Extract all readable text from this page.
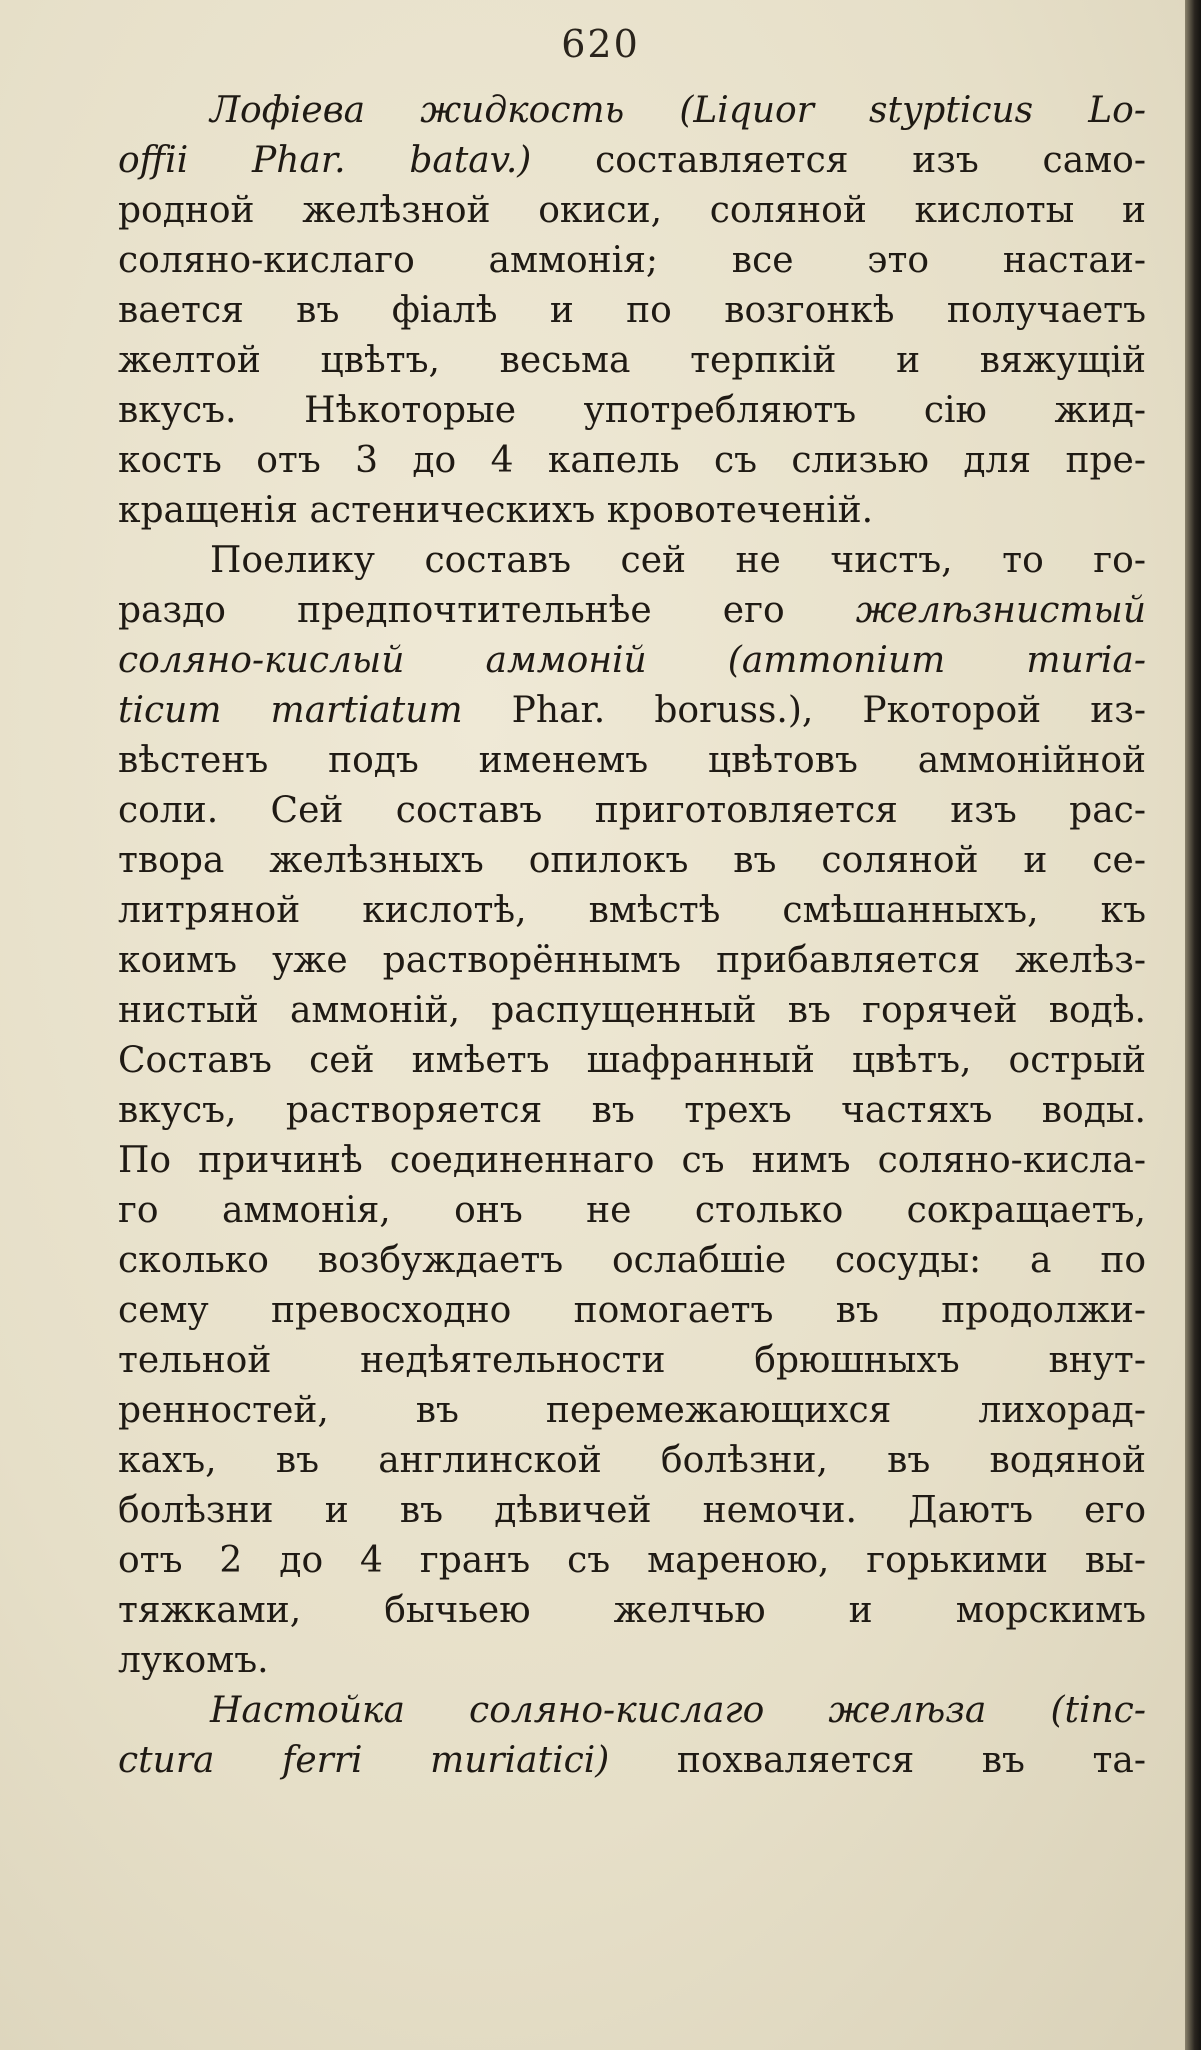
620
Лофіева жидкость (Liquor stypticus Lo-
offii Phar. batav.) составляется изъ само-
родной желѣзной окиси, соляной кислоты и
соляно-кислаго аммонія; все это настаи-
вается въ фіалѣ и по возгонкѣ получаетъ
желтой цвѣтъ, весьма терпкій и вяжущій
вкусъ. Нѣкоторые употребляютъ сію жид-
кость отъ 3 до 4 капель съ слизью для пре-
кращенія астеническихъ кровотеченій.
Поелику составъ сей не чистъ, то го-
раздо предпочтительнѣе его желѣзнистый
соляно-кислый аммоній (ammonium muria-
ticum martiatum Phar. boruss.), Ркоторой из-
вѣстенъ подъ именемъ цвѣтовъ аммонійной
соли. Сей составъ приготовляется изъ рас-
твора желѣзныхъ опилокъ въ соляной и се-
литряной кислотѣ, вмѣстѣ смѣшанныхъ, къ
коимъ уже растворённымъ прибавляется желѣз-
нистый аммоній, распущенный въ горячей водѣ.
Составъ сей имѣетъ шафранный цвѣтъ, острый
вкусъ, растворяется въ трехъ частяхъ воды.
По причинѣ соединеннаго съ нимъ соляно-кисла-
го аммонія, онъ не столько сокращаетъ,
сколько возбуждаетъ ослабшіе сосуды: а по
сему превосходно помогаетъ въ продолжи-
тельной недѣятельности брюшныхъ внут-
ренностей, въ перемежающихся лихорад-
кахъ, въ англинской болѣзни, въ водяной
болѣзни и въ дѣвичей немочи. Даютъ его
отъ 2 до 4 гранъ съ мареною, горькими вы-
тяжками, бычьею желчью и морскимъ
лукомъ.
Настойка соляно-кислаго желѣза (tinc-
ctura ferri muriatici) похваляется въ та-
